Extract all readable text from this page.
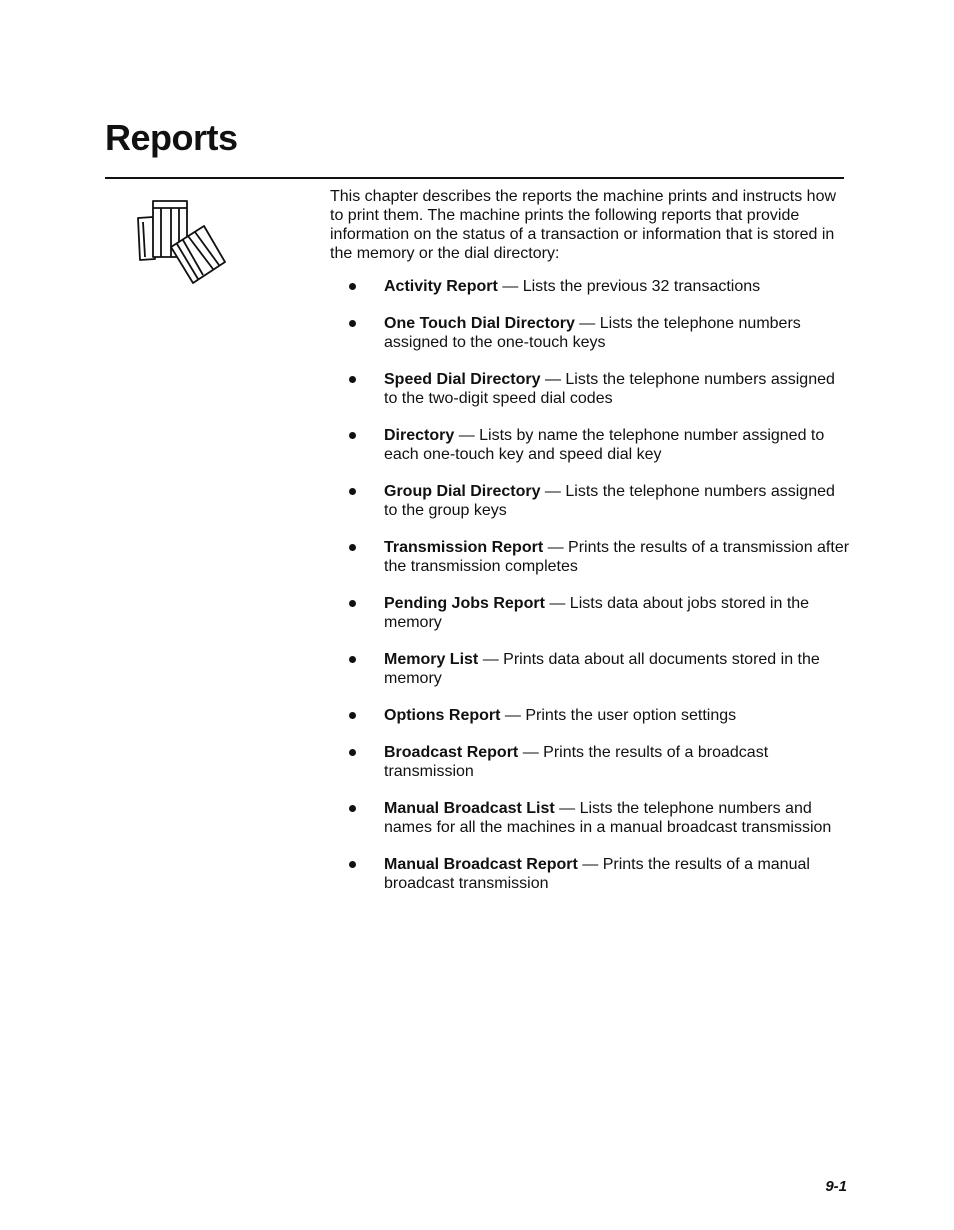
Reports

This chapter describes the reports the machine prints and instructs how to print them. The machine prints the following reports that provide information on the status of a transaction or information that is stored in the memory or the dial directory:

Activity Report — Lists the previous 32 transactions
One Touch Dial Directory — Lists the telephone numbers assigned to the one-touch keys
Speed Dial Directory — Lists the telephone numbers assigned to the two-digit speed dial codes
Directory — Lists by name the telephone number assigned to each one-touch key and speed dial key
Group Dial Directory — Lists the telephone numbers assigned to the group keys
Transmission Report — Prints the results of a transmission after the transmission completes
Pending Jobs Report — Lists data about jobs stored in the memory
Memory List — Prints data about all documents stored in the memory
Options Report — Prints the user option settings
Broadcast Report — Prints the results of a broadcast transmission
Manual Broadcast List — Lists the telephone numbers and names for all the machines in a manual broadcast transmission
Manual Broadcast Report — Prints the results of a manual broadcast transmission
9-1
